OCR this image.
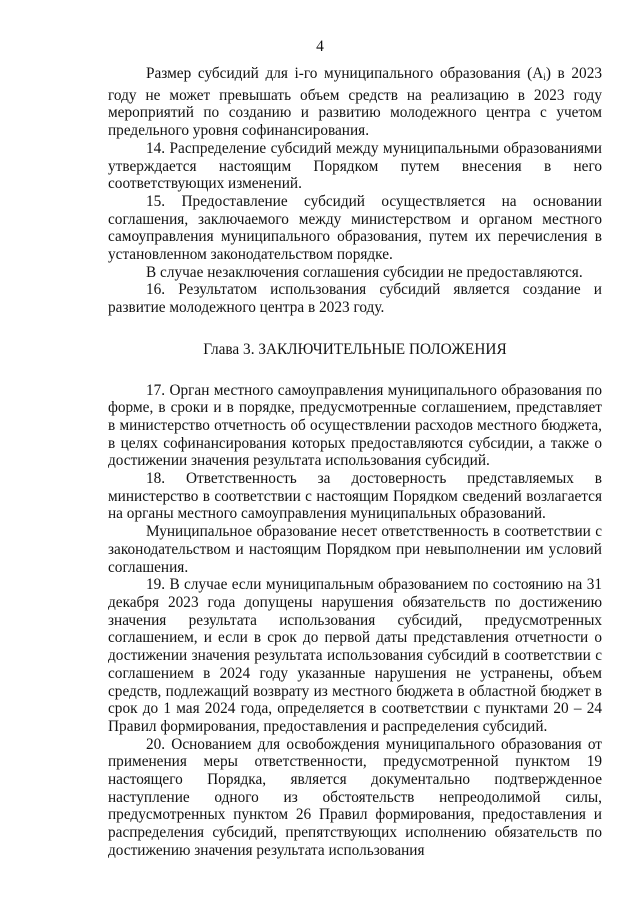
4

Размер субсидий для i-го муниципального образования $(A_i)$ в 2023 году не может превышать объем средств на реализацию в 2023 году мероприятий по созданию и развитию молодежного центра с учетом предельного уровня софинансирования.

14. Распределение субсидий между муниципальными образованиями утверждается настоящим Порядком путем внесения в него соответствующих изменений.

15. Предоставление субсидий осуществляется на основании соглашения, заключаемого между министерством и органом местного самоуправления муниципального образования, путем их перечисления в установленном законодательством порядке.

В случае незаключения соглашения субсидии не предоставляются.

16. Результатом использования субсидий является создание и развитие молодежного центра в 2023 году.

Глава 3. ЗАКЛЮЧИТЕЛЬНЫЕ ПОЛОЖЕНИЯ

17. Орган местного самоуправления муниципального образования по форме, в сроки и в порядке, предусмотренные соглашением, представляет в министерство отчетность об осуществлении расходов местного бюджета, в целях софинансирования которых предоставляются субсидии, а также о достижении значения результата использования субсидий.

18. Ответственность за достоверность представляемых в министерство в соответствии с настоящим Порядком сведений возлагается на органы местного самоуправления муниципальных образований.

Муниципальное образование несет ответственность в соответствии с законодательством и настоящим Порядком при невыполнении им условий соглашения.

19. В случае если муниципальным образованием по состоянию на 31 декабря 2023 года допущены нарушения обязательств по достижению значения результата использования субсидий, предусмотренных соглашением, и если в срок до первой даты представления отчетности о достижении значения результата использования субсидий в соответствии с соглашением в 2024 году указанные нарушения не устранены, объем средств, подлежащий возврату из местного бюджета в областной бюджет в срок до 1 мая 2024 года, определяется в соответствии с пунктами 20 – 24 Правил формирования, предоставления и распределения субсидий.

20. Основанием для освобождения муниципального образования от применения меры ответственности, предусмотренной пунктом 19 настоящего Порядка, является документально подтвержденное наступление одного из обстоятельств непреодолимой силы, предусмотренных пунктом 26 Правил формирования, предоставления и распределения субсидий, препятствующих исполнению обязательств по достижению значения результата использования
